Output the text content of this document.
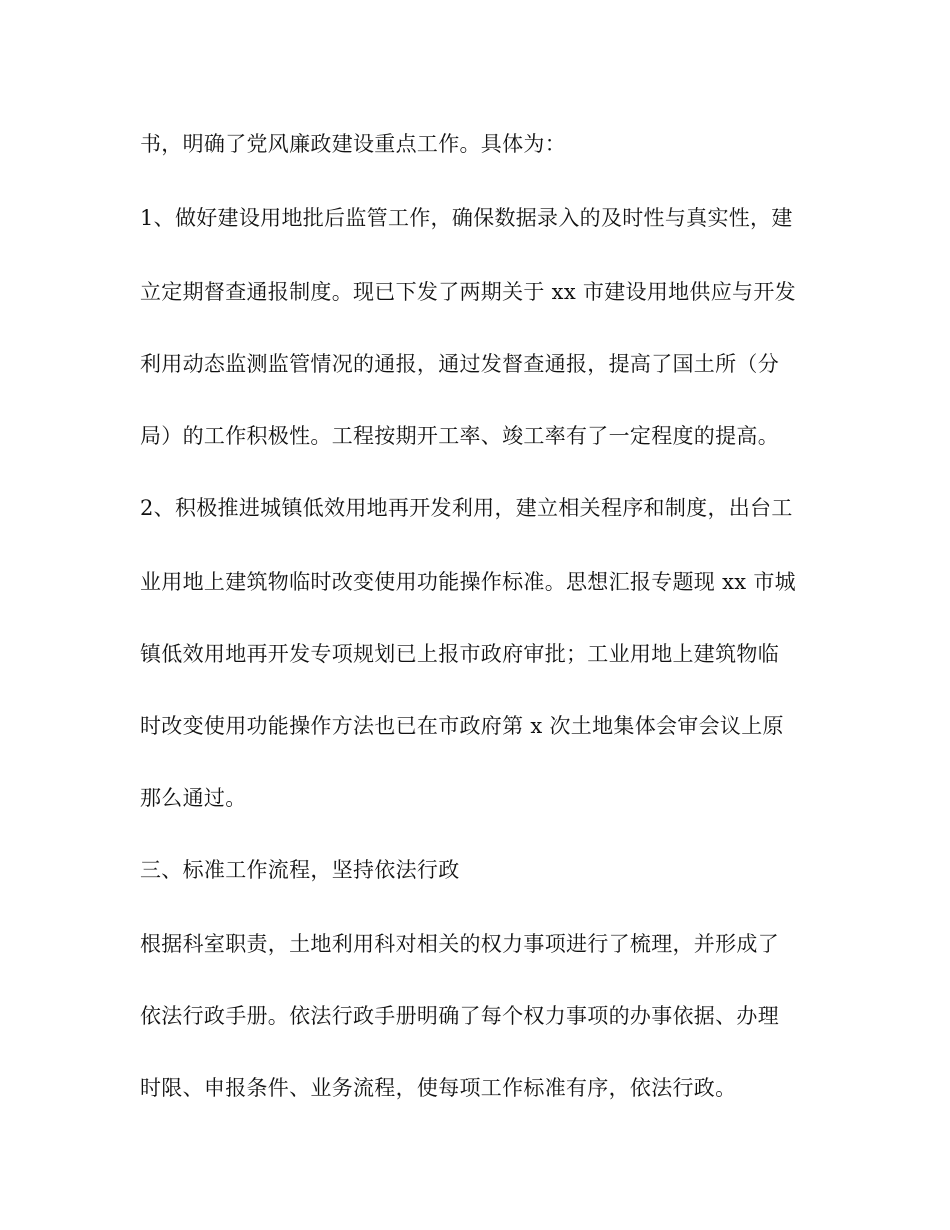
书，明确了党风廉政建设重点工作。具体为：

1、做好建设用地批后监管工作，确保数据录入的及时性与真实性，建

立定期督查通报制度。现已下发了两期关于 xx 市建设用地供应与开发

利用动态监测监管情况的通报，通过发督查通报，提高了国土所（分

局）的工作积极性。工程按期开工率、竣工率有了一定程度的提高。

2、积极推进城镇低效用地再开发利用，建立相关程序和制度，出台工

业用地上建筑物临时改变使用功能操作标准。思想汇报专题现 xx 市城

镇低效用地再开发专项规划已上报市政府审批；工业用地上建筑物临

时改变使用功能操作方法也已在市政府第 x 次土地集体会审会议上原

那么通过。

三、标准工作流程，坚持依法行政

根据科室职责，土地利用科对相关的权力事项进行了梳理，并形成了

依法行政手册。依法行政手册明确了每个权力事项的办事依据、办理

时限、申报条件、业务流程，使每项工作标准有序，依法行政。
